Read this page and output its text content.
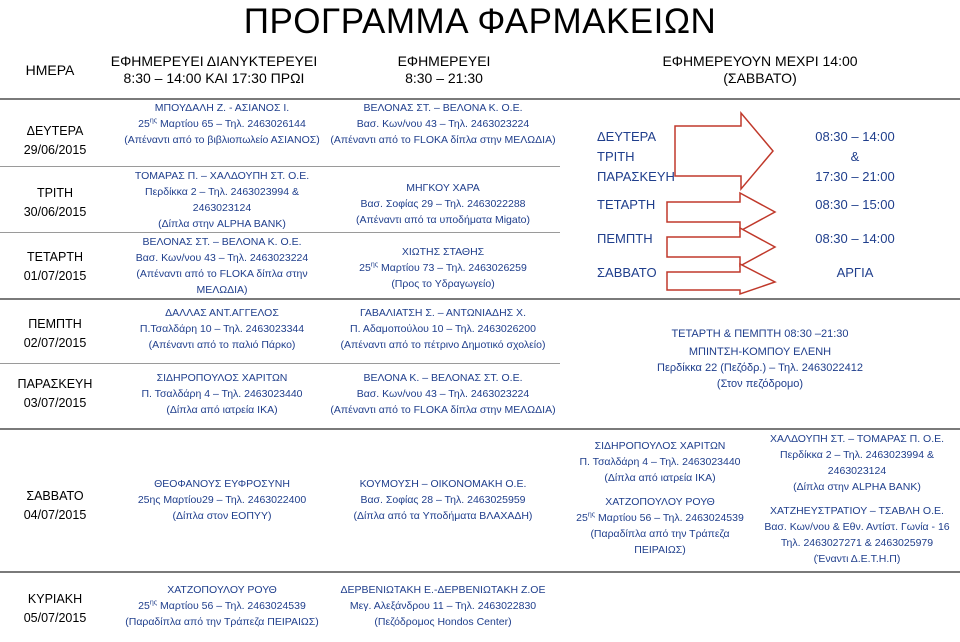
ΠΡΟΓΡΑΜΜΑ ΦΑΡΜΑΚΕΙΩΝ
ΗΜΕΡΑ
ΕΦΗΜΕΡΕΥΕΙ ΔΙΑΝΥΚΤΕΡΕΥΕΙ
8:30 – 14:00 ΚΑΙ 17:30 ΠΡΩΙ
ΕΦΗΜΕΡΕΥΕΙ
8:30 – 21:30
ΕΦΗΜΕΡΕΥΟΥΝ ΜΕΧΡΙ 14:00
(ΣΑΒΒΑΤΟ)
ΔΕΥΤΕΡΑ
29/06/2015
ΤΡΙΤΗ
30/06/2015
ΤΕΤΑΡΤΗ
01/07/2015
ΠΕΜΠΤΗ
02/07/2015
ΠΑΡΑΣΚΕΥΗ
03/07/2015
ΣΑΒΒΑΤΟ
04/07/2015
ΚΥΡΙΑΚΗ
05/07/2015
ΜΠΟΥΔΑΛΗ Ζ. - ΑΣΙΑΝΟΣ Ι.
$25^{\eta\varsigma}$ Μαρτίου 65 – Τηλ. 2463026144
(Απέναντι από το βιβλιοπωλείο ΑΣΙΑΝΟΣ)
ΤΟΜΑΡΑΣ Π. – ΧΑΛΔΟΥΠΗ ΣΤ. Ο.Ε.
Περδίκκα 2 – Τηλ. 2463023994 &
2463023124
(Δίπλα στην ALPHA BANK)
ΒΕΛΟΝΑΣ ΣΤ. – ΒΕΛΟΝΑ Κ. Ο.Ε.
Βασ. Κων/νου 43 – Τηλ. 2463023224
(Απέναντι από το FLOKA δίπλα στην
ΜΕΛΩΔΙΑ)
ΔΑΛΛΑΣ ΑΝΤ.ΑΓΓΕΛΟΣ
Π.Τσαλδάρη 10 – Τηλ. 2463023344
(Απέναντι από το παλιό Πάρκο)
ΣΙΔΗΡΟΠΟΥΛΟΣ ΧΑΡΙΤΩΝ
Π. Τσαλδάρη 4 – Τηλ. 2463023440
(Δίπλα από ιατρεία ΙΚΑ)
ΘΕΟΦΑΝΟΥΣ ΕΥΦΡΟΣΥΝΗ
25ης Μαρτίου29 – Τηλ. 2463022400
(Δίπλα στον ΕΟΠΥΥ)
ΧΑΤΖΟΠΟΥΛΟΥ ΡΟΥΘ
$25^{\eta\varsigma}$ Μαρτίου 56 – Τηλ. 2463024539
(Παραδίπλα από την Τράπεζα ΠΕΙΡΑΙΩΣ)
ΒΕΛΟΝΑΣ ΣΤ. – ΒΕΛΟΝΑ Κ. Ο.Ε.
Βασ. Κων/νου 43 – Τηλ. 2463023224
(Απέναντι από το FLOKA δίπλα στην ΜΕΛΩΔΙΑ)
ΜΗΓΚΟΥ ΧΑΡΑ
Βασ. Σοφίας 29 – Τηλ. 2463022288
(Απέναντι από τα υποδήματα Migato)
ΧΙΩΤΗΣ ΣΤΑΘΗΣ
$25^{\eta\varsigma}$ Μαρτίου 73 – Τηλ. 2463026259
(Προς το Υδραγωγείο)
ΓΑΒΑΛΙΑΤΣΗ Σ. – ΑΝΤΩΝΙΑΔΗΣ Χ.
Π. Αδαμοπούλου 10 – Τηλ. 2463026200
(Απέναντι από το πέτρινο Δημοτικό σχολείο)
ΒΕΛΟΝΑ Κ. – ΒΕΛΟΝΑΣ ΣΤ. Ο.Ε.
Βασ. Κων/νου 43 – Τηλ. 2463023224
(Απέναντι από το FLOKA δίπλα στην ΜΕΛΩΔΙΑ)
ΚΟΥΜΟΥΣΗ – ΟΙΚΟΝΟΜΑΚΗ Ο.Ε.
Βασ. Σοφίας 28 – Τηλ. 2463025959
(Δίπλα από τα Υποδήματα ΒΛΑΧΑΔΗ)
ΔΕΡΒΕΝΙΩΤΑΚΗ Ε.-ΔΕΡΒΕΝΙΩΤΑΚΗ Ζ.ΟΕ
Μεγ. Αλεξάνδρου 11 – Τηλ. 2463022830
(Πεζόδρομος Hondos Center)
ΔΕΥΤΕΡΑ
ΤΡΙΤΗ
ΠΑΡΑΣΚΕΥΗ
ΤΕΤΑΡΤΗ
ΠΕΜΠΤΗ
ΣΑΒΒΑΤΟ
08:30 – 14:00
&
17:30 – 21:00
08:30 – 15:00
08:30 – 14:00
ΑΡΓΙΑ
ΤΕΤΑΡΤΗ & ΠΕΜΠΤΗ 08:30 –21:30
ΜΠΙΝΤΣΗ-ΚΟΜΠΟΥ ΕΛΕΝΗ
Περδίκκα 22 (Πεζόδρ.) – Τηλ. 2463022412
(Στον πεζόδρομο)
ΣΙΔΗΡΟΠΟΥΛΟΣ ΧΑΡΙΤΩΝ
Π. Τσαλδάρη 4 – Τηλ. 2463023440
(Δίπλα από ιατρεία ΙΚΑ)
ΧΑΤΖΟΠΟΥΛΟΥ ΡΟΥΘ
$25^{\eta\varsigma}$ Μαρτίου 56 – Τηλ. 2463024539
(Παραδίπλα από την Τράπεζα
ΠΕΙΡΑΙΩΣ)
ΧΑΛΔΟΥΠΗ ΣΤ. – ΤΟΜΑΡΑΣ Π. Ο.Ε.
Περδίκκα 2 – Τηλ. 2463023994 &
2463023124
(Δίπλα στην ALPHA BANK)
ΧΑΤΖΗΕΥΣΤΡΑΤΙΟΥ – ΤΣΑΒΛΗ Ο.Ε.
Βασ. Κων/νου & Εθν. Αντίστ. Γωνία - 16
Τηλ. 2463027271 & 2463025979
(Έναντι Δ.Ε.Τ.Η.Π)
